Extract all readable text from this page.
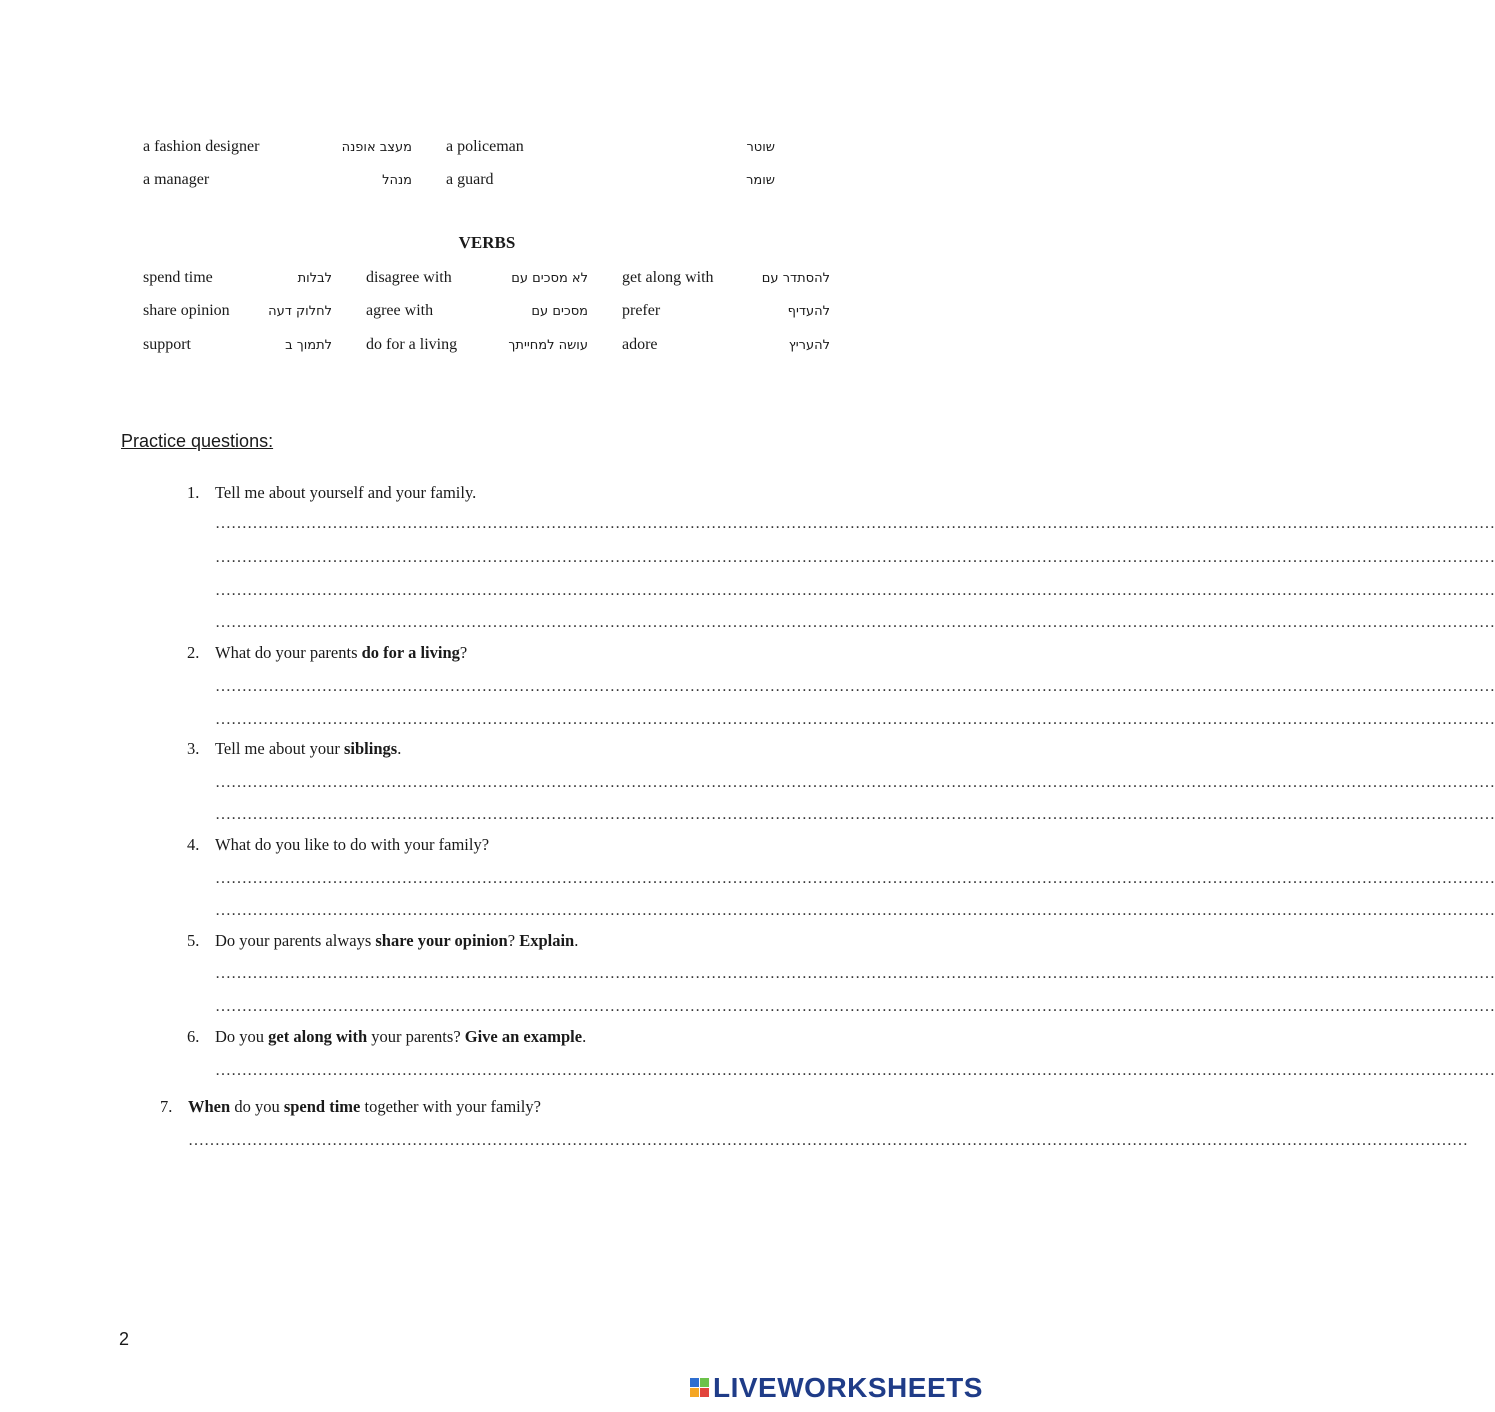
a fashion designer	מעצב אופנה a policeman	שוטר
a manager	מנהל a guard	שומר
VERBS
spend time	לבלות disagree with	לא מסכים עם get along with	להסתדר עם
share opinion	לחלוק דעה agree with	מסכים עם prefer	להעדיף
support	לתמוך ב do for a living	עושה למחייתך adore	להעריץ
Practice questions:
1. Tell me about yourself and your family.
……………………………………………………………………………………………………………………………………………………………………………………………………………………
……………………………………………………………………………………………………………………………………………………………………………………………………………………
……………………………………………………………………………………………………………………………………………………………………………………………………………………
……………………………………………………………………………………………………………………………………………………………………………………………………………………
2. What do your parents do for a living?
……………………………………………………………………………………………………………………………………………………………………………………………………………………
……………………………………………………………………………………………………………………………………………………………………………………………………………………
3. Tell me about your siblings.
……………………………………………………………………………………………………………………………………………………………………………………………………………………
……………………………………………………………………………………………………………………………………………………………………………………………………………………
4. What do you like to do with your family?
……………………………………………………………………………………………………………………………………………………………………………………………………………………
……………………………………………………………………………………………………………………………………………………………………………………………………………………
5. Do your parents always share your opinion? Explain.
……………………………………………………………………………………………………………………………………………………………………………………………………………………
……………………………………………………………………………………………………………………………………………………………………………………………………………………
6. Do you get along with your parents? Give an example.
……………………………………………………………………………………………………………………………………………………………………………………………………………………
7. When do you spend time together with your family?
……………………………………………………………………………………………………………………………………………………………………………………………………………………
2
LIVEWORKSHEETS
